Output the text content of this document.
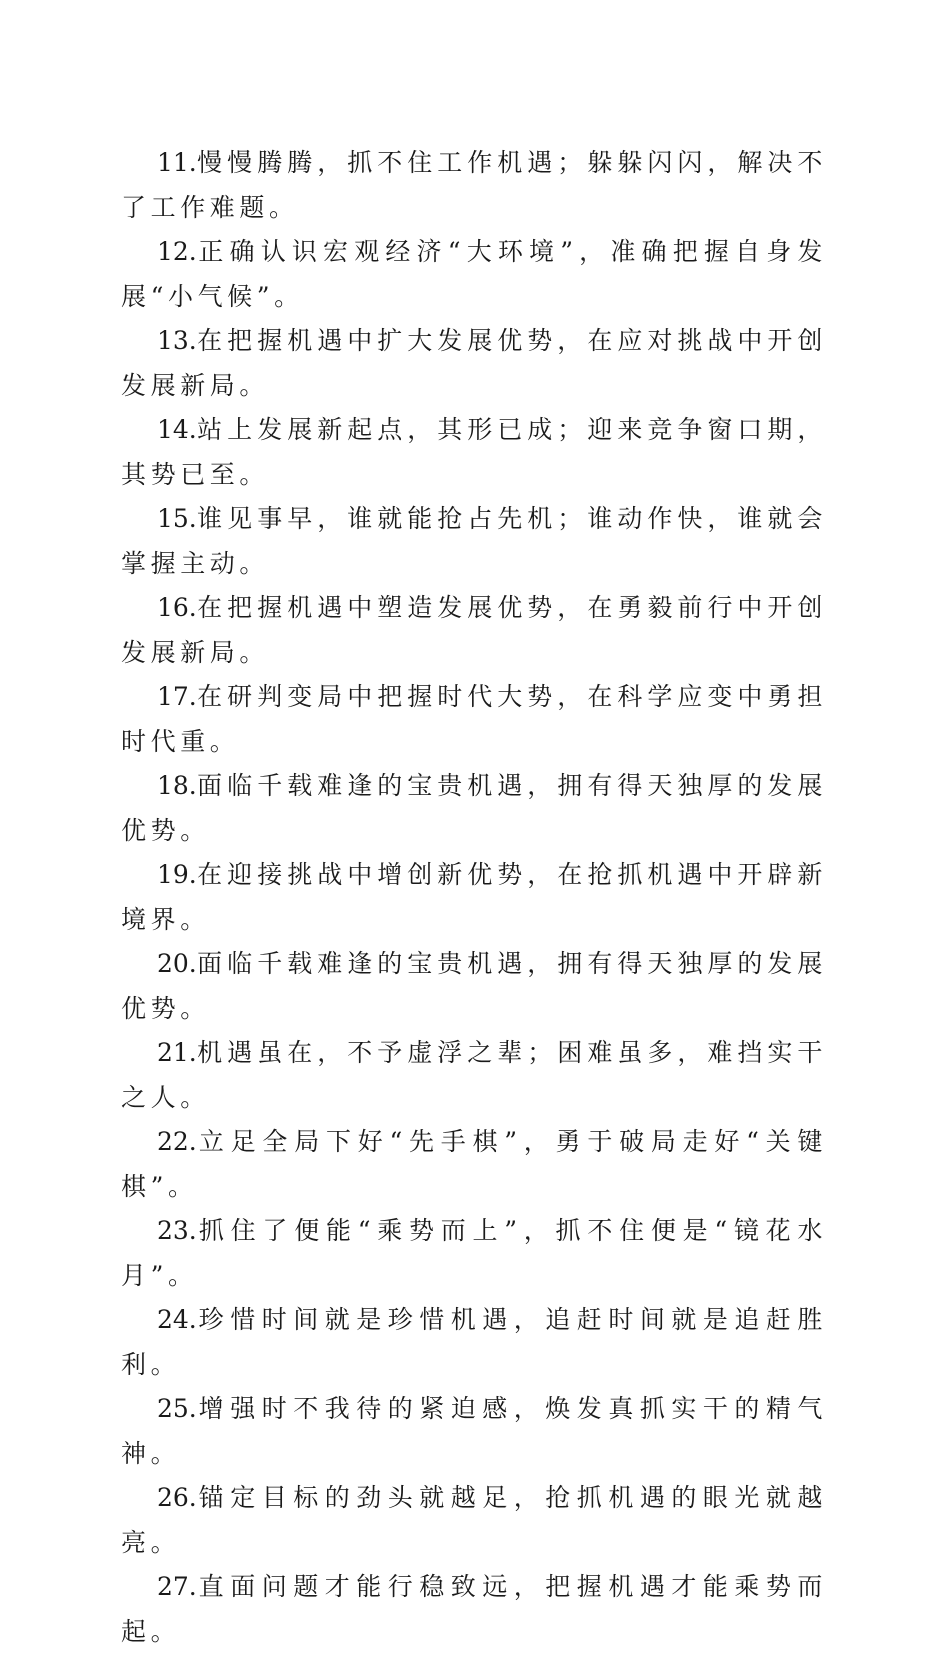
11.慢慢腾腾，抓不住工作机遇；躲躲闪闪，解决不了工作难题。

12.正确认识宏观经济“大环境”，准确把握自身发展“小气候”。

13.在把握机遇中扩大发展优势，在应对挑战中开创发展新局。

14.站上发展新起点，其形已成；迎来竞争窗口期，其势已至。

15.谁见事早，谁就能抢占先机；谁动作快，谁就会掌握主动。

16.在把握机遇中塑造发展优势，在勇毅前行中开创发展新局。

17.在研判变局中把握时代大势，在科学应变中勇担时代重。

18.面临千载难逢的宝贵机遇，拥有得天独厚的发展优势。

19.在迎接挑战中增创新优势，在抢抓机遇中开辟新境界。

20.面临千载难逢的宝贵机遇，拥有得天独厚的发展优势。

21.机遇虽在，不予虚浮之辈；困难虽多，难挡实干之人。

22.立足全局下好“先手棋”，勇于破局走好“关键棋”。

23.抓住了便能“乘势而上”，抓不住便是“镜花水月”。

24.珍惜时间就是珍惜机遇，追赶时间就是追赶胜利。

25.增强时不我待的紧迫感，焕发真抓实干的精气神。

26.锚定目标的劲头就越足，抢抓机遇的眼光就越亮。

27.直面问题才能行稳致远，把握机遇才能乘势而起。
